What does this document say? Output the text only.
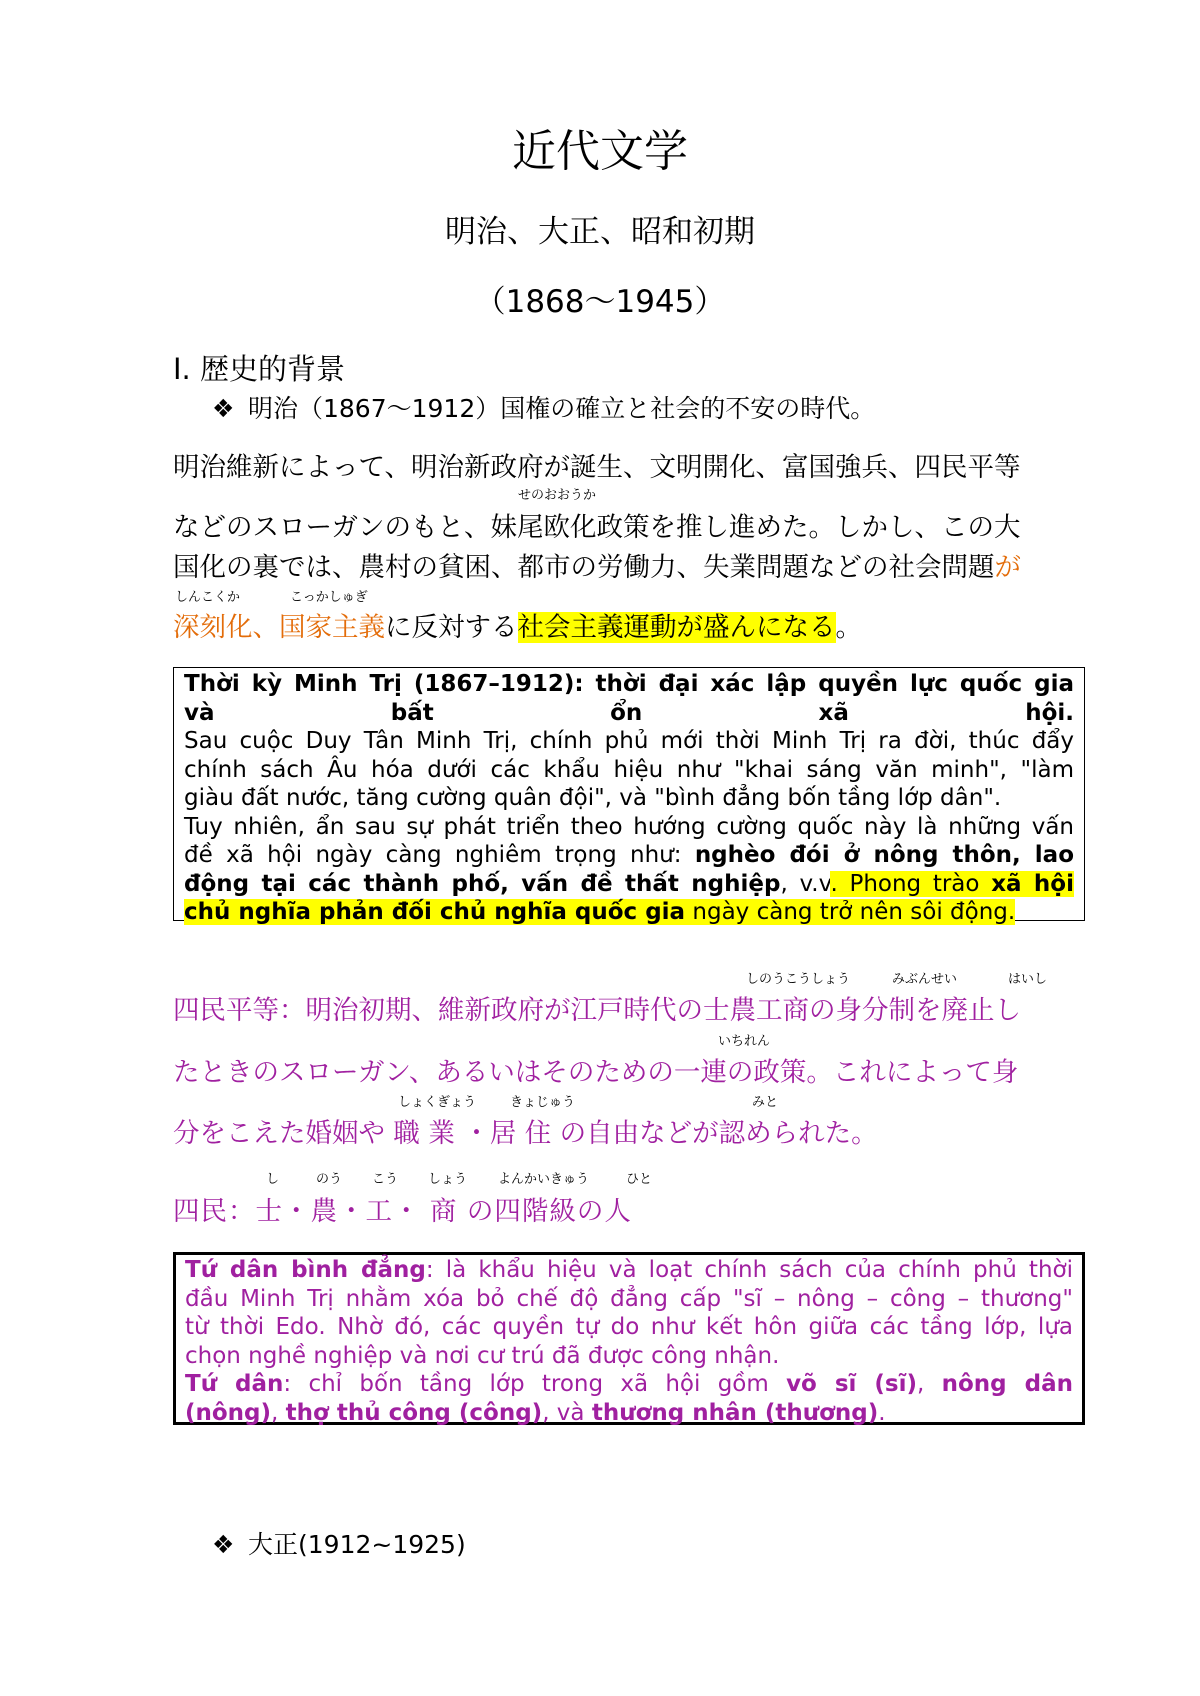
近代文学
明治、大正、昭和初期
（1868～1945）
I. 歴史的背景
❖ 明治（1867～1912）国権の確立と社会的不安の時代。
明治維新によって、明治新政府が誕生、文明開化、富国強兵、四民平等
せのおおうか
などのスローガンのもと、妹尾欧化政策を推し進めた。しかし、この大
国化の裏では、農村の貧困、都市の労働力、失業問題などの社会問題が
しんこくか	こっかしゅぎ
深刻化、国家主義に反対する社会主義運動が盛んになる。
Thời kỳ Minh Trị (1867–1912): thời đại xác lập quyền lực quốc gia
và bất ổn xã hội.
Sau cuộc Duy Tân Minh Trị, chính phủ mới thời Minh Trị ra đời, thúc đẩy
chính sách Âu hóa dưới các khẩu hiệu như "khai sáng văn minh", "làm
giàu đất nước, tăng cường quân đội", và "bình đẳng bốn tầng lớp dân".
Tuy nhiên, ẩn sau sự phát triển theo hướng cường quốc này là những vấn
đề xã hội ngày càng nghiêm trọng như: nghèo đói ở nông thôn, lao
động tại các thành phố, vấn đề thất nghiệp, v.v. Phong trào xã hội
chủ nghĩa phản đối chủ nghĩa quốc gia ngày càng trở nên sôi động.
しのうこうしょう	みぶんせい	はいし
四民平等：明治初期、維新政府が江戸時代の士農工商の身分制を廃止し
いちれん
たときのスローガン、あるいはそのための一連の政策。これによって身
しょくぎょう	きょじゅう	みと
分をこえた婚姻や 職 業 ・居 住 の自由などが認められた。
し	のう こう しょう よんかいきゅう	ひと
四民：士・農・工・ 商 の四階級の人
Tứ dân bình đẳng: là khẩu hiệu và loạt chính sách của chính phủ thời
đầu Minh Trị nhằm xóa bỏ chế độ đẳng cấp "sĩ – nông – công – thương"
từ thời Edo. Nhờ đó, các quyền tự do như kết hôn giữa các tầng lớp, lựa
chọn nghề nghiệp và nơi cư trú đã được công nhận.
Tứ dân: chỉ bốn tầng lớp trong xã hội gồm võ sĩ (sĩ), nông dân
(nông), thợ thủ công (công), và thương nhân (thương).
❖ 大正(1912~1925)
